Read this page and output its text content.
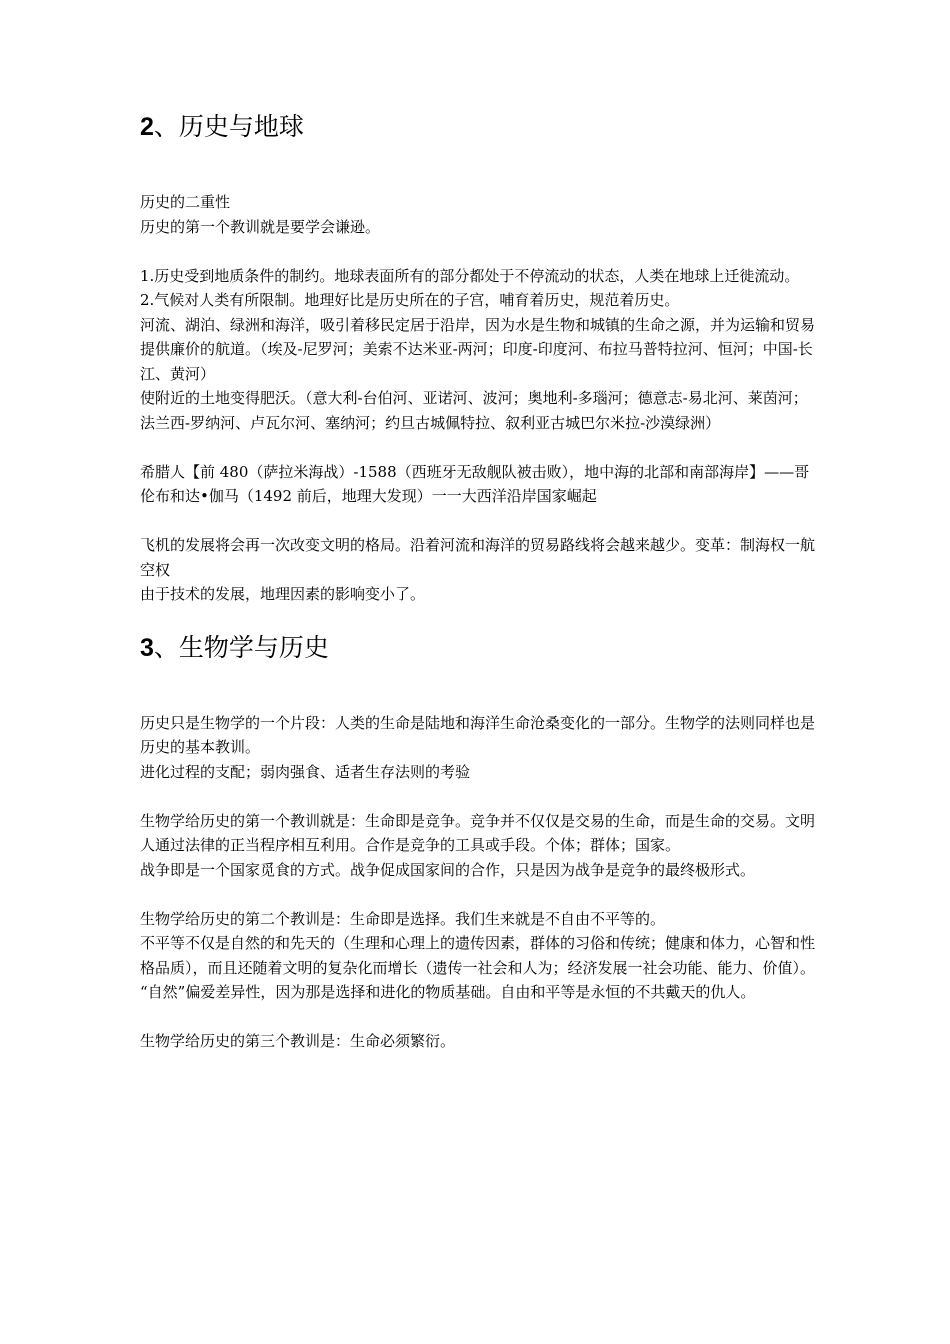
2、历史与地球

历史的二重性

历史的第一个教训就是要学会谦逊。

1.历史受到地质条件的制约。地球表面所有的部分都处于不停流动的状态，人类在地球上迁徙流动。

2.气候对人类有所限制。地理好比是历史所在的子宫，哺育着历史，规范着历史。

河流、湖泊、绿洲和海洋，吸引着移民定居于沿岸，因为水是生物和城镇的生命之源，并为运输和贸易提供廉价的航道。（埃及-尼罗河；美索不达米亚-两河；印度-印度河、布拉马普特拉河、恒河；中国-长江、黄河）

使附近的土地变得肥沃。（意大利-台伯河、亚诺河、波河；奥地利-多瑙河；德意志-易北河、莱茵河；法兰西-罗纳河、卢瓦尔河、塞纳河；约旦古城佩特拉、叙利亚古城巴尔米拉-沙漠绿洲）

希腊人【前 480（萨拉米海战）-1588（西班牙无敌舰队被击败），地中海的北部和南部海岸】——哥伦布和达•伽马（1492 前后，地理大发现）一一大西洋沿岸国家崛起

飞机的发展将会再一次改变文明的格局。沿着河流和海洋的贸易路线将会越来越少。变革：制海权一航空权

由于技术的发展，地理因素的影响变小了。

3、生物学与历史

历史只是生物学的一个片段：人类的生命是陆地和海洋生命沧桑变化的一部分。生物学的法则同样也是历史的基本教训。

进化过程的支配；弱肉强食、适者生存法则的考验

生物学给历史的第一个教训就是：生命即是竞争。竞争并不仅仅是交易的生命，而是生命的交易。文明人通过法律的正当程序相互利用。合作是竞争的工具或手段。个体；群体；国家。

战争即是一个国家觅食的方式。战争促成国家间的合作，只是因为战争是竞争的最终极形式。

生物学给历史的第二个教训是：生命即是选择。我们生来就是不自由不平等的。

不平等不仅是自然的和先天的（生理和心理上的遗传因素，群体的习俗和传统；健康和体力，心智和性格品质），而且还随着文明的复杂化而增长（遗传一社会和人为；经济发展一社会功能、能力、价值）。

“自然”偏爱差异性，因为那是选择和进化的物质基础。自由和平等是永恒的不共戴天的仇人。

生物学给历史的第三个教训是：生命必须繁衍。
